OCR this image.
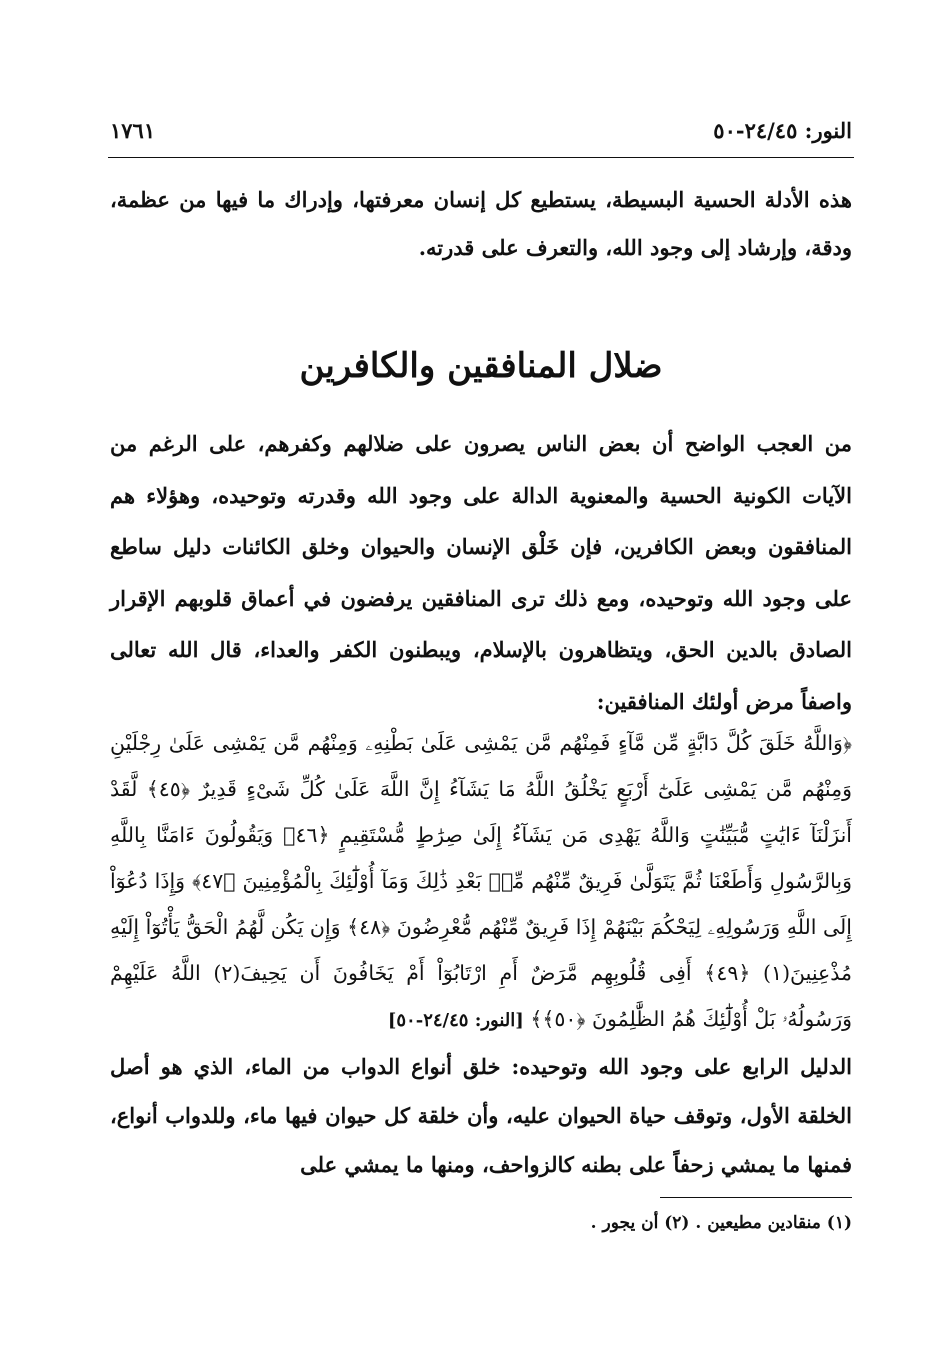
النور: ٢٤/٤٥-٥٠
١٧٦١

هذه الأدلة الحسية البسيطة، يستطيع كل إنسان معرفتها، وإدراك ما فيها من عظمة، ودقة، وإرشاد إلى وجود الله، والتعرف على قدرته.

ضلال المنافقين والكافرين

من العجب الواضح أن بعض الناس يصرون على ضلالهم وكفرهم، على الرغم من الآيات الكونية الحسية والمعنوية الدالة على وجود الله وقدرته وتوحيده، وهؤلاء هم المنافقون وبعض الكافرين، فإن خَلْق الإنسان والحيوان وخلق الكائنات دليل ساطع على وجود الله وتوحيده، ومع ذلك ترى المنافقين يرفضون في أعماق قلوبهم الإقرار الصادق بالدين الحق، ويتظاهرون بالإسلام، ويبطنون الكفر والعداء، قال الله تعالى واصفاً مرض أولئك المنافقين:

﴿وَاللَّهُ خَلَقَ كُلَّ دَابَّةٍ مِّن مَّآءٍ فَمِنْهُم مَّن يَمْشِى عَلَىٰ بَطْنِهِۦ وَمِنْهُم مَّن يَمْشِى عَلَىٰ رِجْلَيْنِ وَمِنْهُم مَّن يَمْشِى عَلَىٰٓ أَرْبَعٍ يَخْلُقُ اللَّهُ مَا يَشَآءُ إِنَّ اللَّهَ عَلَىٰ كُلِّ شَىْءٍ قَدِيرٌ ﴿٤٥﴾ لَّقَدْ أَنزَلْنَآ ءَايَٰتٍ مُّبَيِّنَٰتٍ وَاللَّهُ يَهْدِى مَن يَشَآءُ إِلَىٰ صِرَٰطٍ مُّسْتَقِيمٍ ﴿٤٦﴾ وَيَقُولُونَ ءَامَنَّا بِاللَّهِ وَبِالرَّسُولِ وَأَطَعْنَا ثُمَّ يَتَوَلَّىٰ فَرِيقٌ مِّنْهُم مِّنۢ بَعْدِ ذَٰلِكَ وَمَآ أُوْلَٰٓئِكَ بِالْمُؤْمِنِينَ ﴿٤٧﴾ وَإِذَا دُعُوٓاْ إِلَى اللَّهِ وَرَسُولِهِۦ لِيَحْكُمَ بَيْنَهُمْ إِذَا فَرِيقٌ مِّنْهُم مُّعْرِضُونَ ﴿٤٨﴾ وَإِن يَكُن لَّهُمُ الْحَقُّ يَأْتُوٓاْ إِلَيْهِ مُذْعِنِينَ(١) ﴿٤٩﴾ أَفِى قُلُوبِهِم مَّرَضٌ أَمِ ارْتَابُوٓاْ أَمْ يَخَافُونَ أَن يَحِيفَ(٢) اللَّهُ عَلَيْهِمْ وَرَسُولُهُۥ بَلْ أُوْلَٰٓئِكَ هُمُ الظَّٰلِمُونَ ﴿٥٠﴾﴾ [النور: ٢٤/٤٥-٥٠]

الدليل الرابع على وجود الله وتوحيده: خلق أنواع الدواب من الماء، الذي هو أصل الخلقة الأول، وتوقف حياة الحيوان عليه، وأن خلقة كل حيوان فيها ماء، وللدواب أنواع، فمنها ما يمشي زحفاً على بطنه كالزواحف، ومنها ما يمشي على

(١) منقادين مطيعين . (٢) أن يجور .
